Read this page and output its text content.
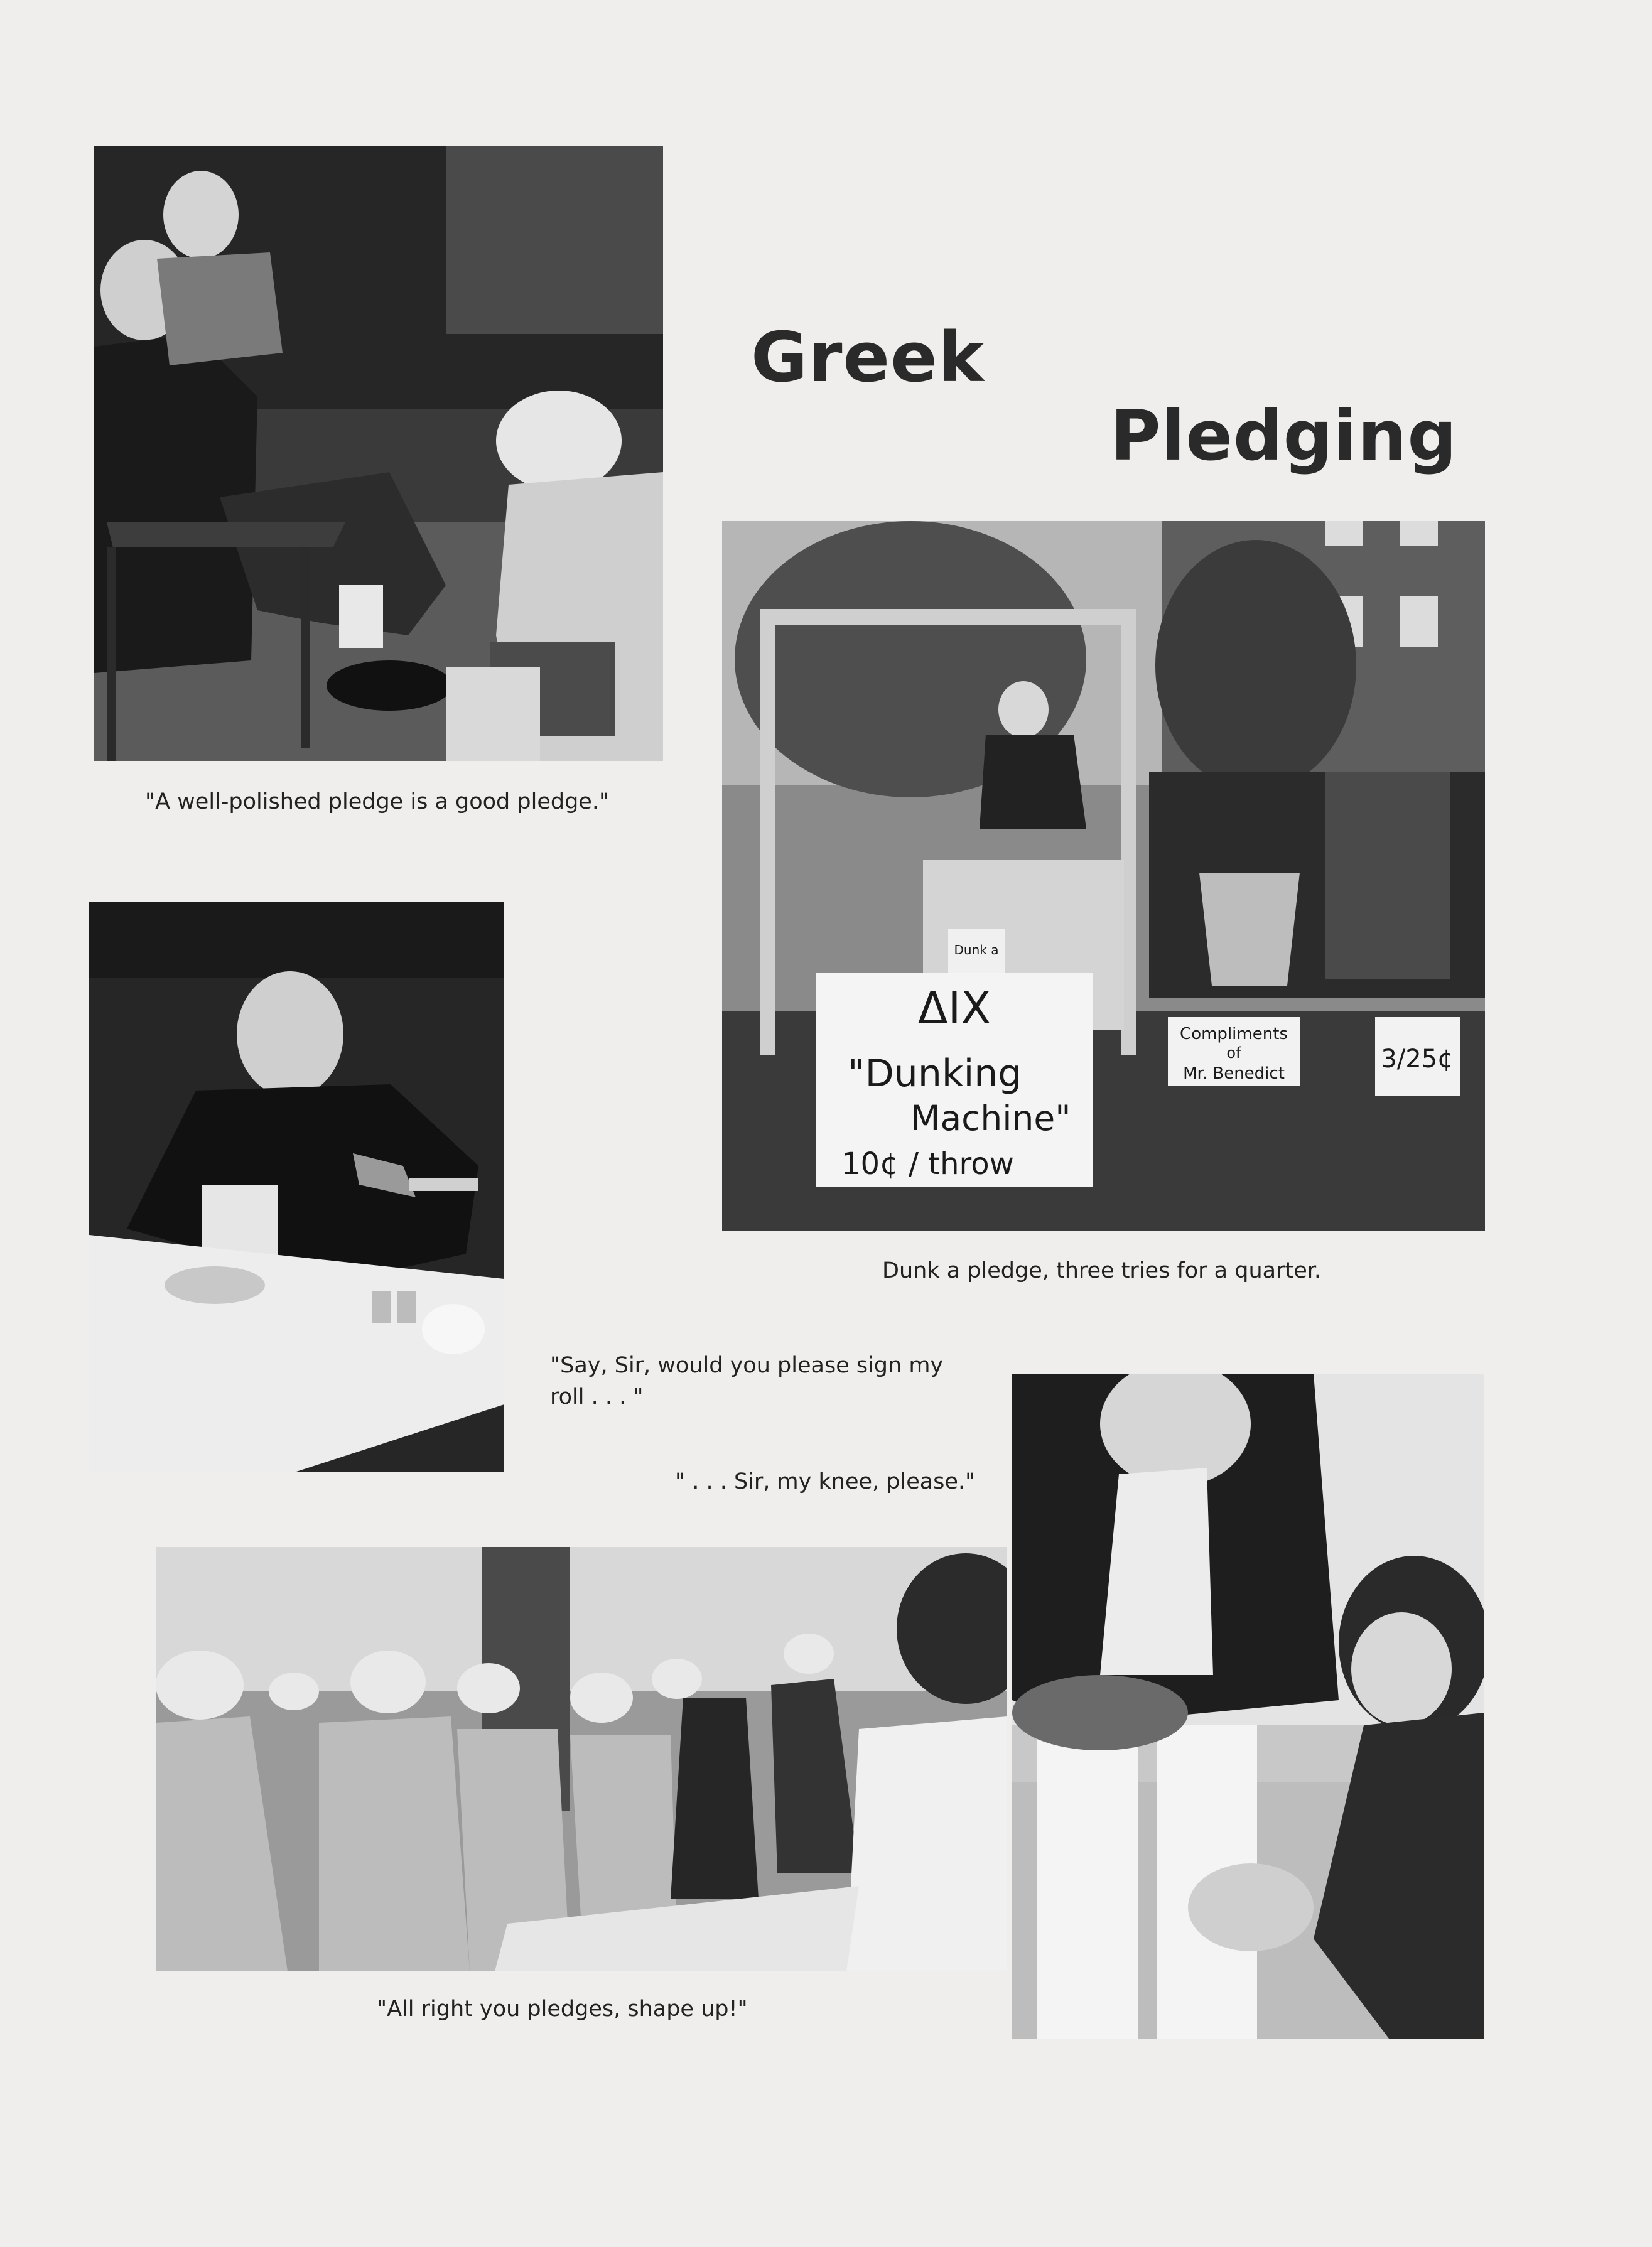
Greek
Pledging
"A well-polished pledge is a good pledge."
ΔΙΧ
"Dunking
Machine"
10¢ / throw
Dunk a
Compliments
of
Mr. Benedict	3/25¢
Dunk a pledge, three tries for a quarter.
"Say, Sir, would you please sign my
roll . . . "
" . . . Sir, my knee, please."
"All right you pledges, shape up!"
